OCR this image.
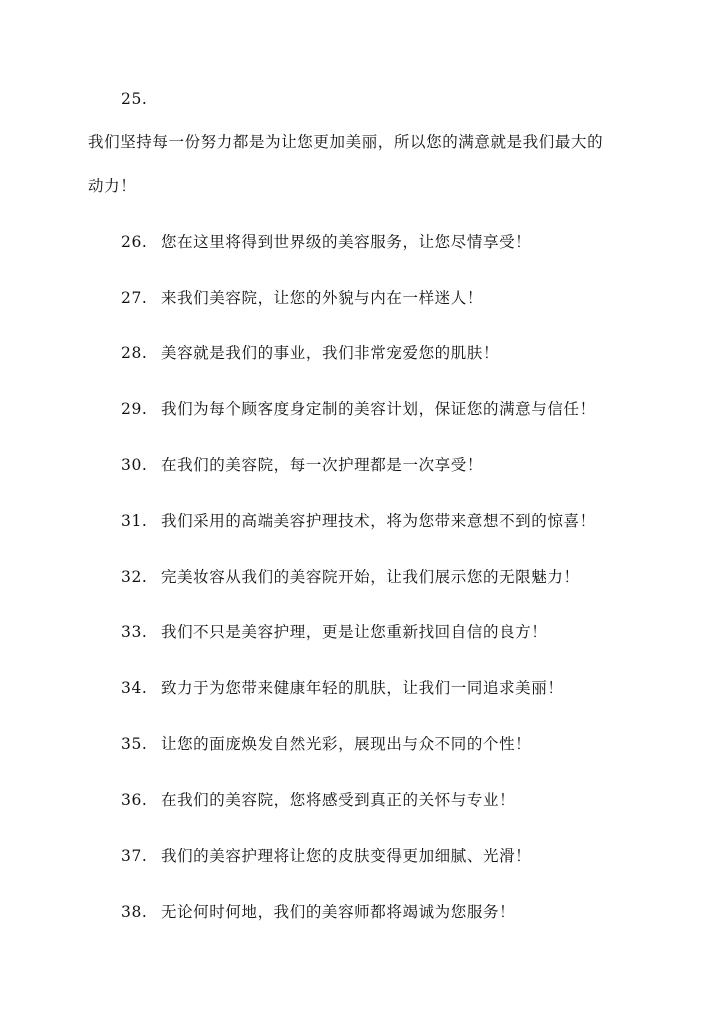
25.
我们坚持每一份努力都是为让您更加美丽，所以您的满意就是我们最大的
动力！
26. 您在这里将得到世界级的美容服务，让您尽情享受！
27. 来我们美容院，让您的外貌与内在一样迷人！
28. 美容就是我们的事业，我们非常宠爱您的肌肤！
29. 我们为每个顾客度身定制的美容计划，保证您的满意与信任！
30. 在我们的美容院，每一次护理都是一次享受！
31. 我们采用的高端美容护理技术，将为您带来意想不到的惊喜！
32. 完美妆容从我们的美容院开始，让我们展示您的无限魅力！
33. 我们不只是美容护理，更是让您重新找回自信的良方！
34. 致力于为您带来健康年轻的肌肤，让我们一同追求美丽！
35. 让您的面庞焕发自然光彩，展现出与众不同的个性！
36. 在我们的美容院，您将感受到真正的关怀与专业！
37. 我们的美容护理将让您的皮肤变得更加细腻、光滑！
38. 无论何时何地，我们的美容师都将竭诚为您服务！
